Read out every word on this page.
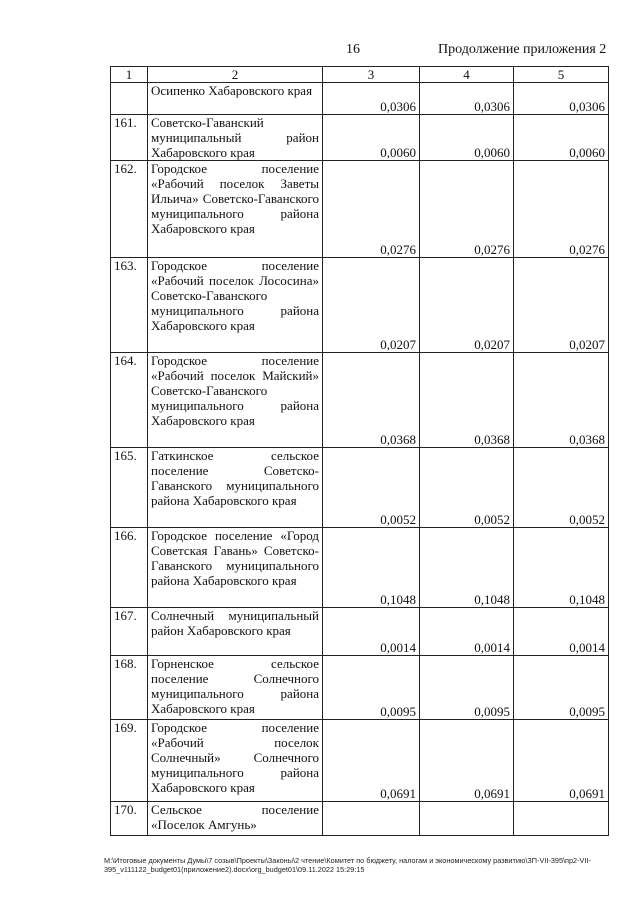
16	Продолжение приложения 2
1	2	3	4	5
	Осипенко Хабаровского края	0,0306	0,0306	0,0306
161.	Советско-Гаванский муниципальный район Хабаровского края	0,0060	0,0060	0,0060
162.	Городское поселение «Рабочий поселок Заветы Ильича» Советско-Гаванского муниципального района Хабаровского края	0,0276	0,0276	0,0276
163.	Городское поселение «Рабочий поселок Лососина» Советско-Гаванского муниципального района Хабаровского края	0,0207	0,0207	0,0207
164.	Городское поселение «Рабочий поселок Майский» Советско-Гаванского муниципального района Хабаровского края	0,0368	0,0368	0,0368
165.	Гаткинское сельское поселение Советско-Гаванского муниципального района Хабаровского края	0,0052	0,0052	0,0052
166.	Городское поселение «Город Советская Гавань» Советско-Гаванского муниципального района Хабаровского края	0,1048	0,1048	0,1048
167.	Солнечный муниципальный район Хабаровского края	0,0014	0,0014	0,0014
168.	Горненское сельское поселение Солнечного муниципального района Хабаровского края	0,0095	0,0095	0,0095
169.	Городское поселение «Рабочий поселок Солнечный» Солнечного муниципального района Хабаровского края	0,0691	0,0691	0,0691
170.	Сельское поселение «Поселок Амгунь»			
M:\Итоговые документы Думы\7 созыв\Проекты\Законы\2 чтение\Комитет по бюджету, налогам и экономическому развитию\ЗП-VII-395\пр2-VII-395_v111122_budget01(приложение2).docx\org_budget01\09.11.2022 15:29:15
